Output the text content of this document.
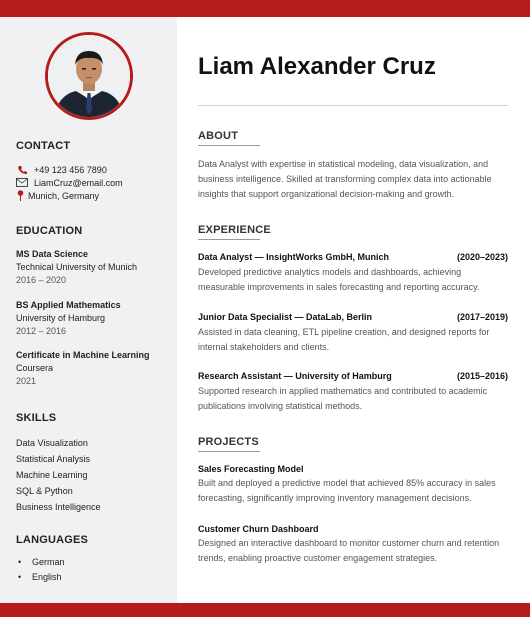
CONTACT
+49 123 456 7890
LiamCruz@email.com
Munich, Germany
EDUCATION
MS Data Science
Technical University of Munich
2016 – 2020
BS Applied Mathematics
University of Hamburg
2012 – 2016
Certificate in Machine Learning
Coursera
2021
SKILLS
Data Visualization
Statistical Analysis
Machine Learning
SQL & Python
Business Intelligence
LANGUAGES
• German
• English
Liam Alexander Cruz
ABOUT
Data Analyst with expertise in statistical modeling, data visualization, and business intelligence. Skilled at transforming complex data into actionable insights that support organizational decision-making and growth.
EXPERIENCE
Data Analyst — InsightWorks GmbH, Munich	(2020–2023)
Developed predictive analytics models and dashboards, achieving measurable improvements in sales forecasting and reporting accuracy.
Junior Data Specialist — DataLab, Berlin	(2017–2019)
Assisted in data cleaning, ETL pipeline creation, and designed reports for internal stakeholders and clients.
Research Assistant — University of Hamburg	(2015–2016)
Supported research in applied mathematics and contributed to academic publications involving statistical methods.
PROJECTS
Sales Forecasting Model
Built and deployed a predictive model that achieved 85% accuracy in sales forecasting, significantly improving inventory management decisions.
Customer Churn Dashboard
Designed an interactive dashboard to monitor customer churn and retention trends, enabling proactive customer engagement strategies.
